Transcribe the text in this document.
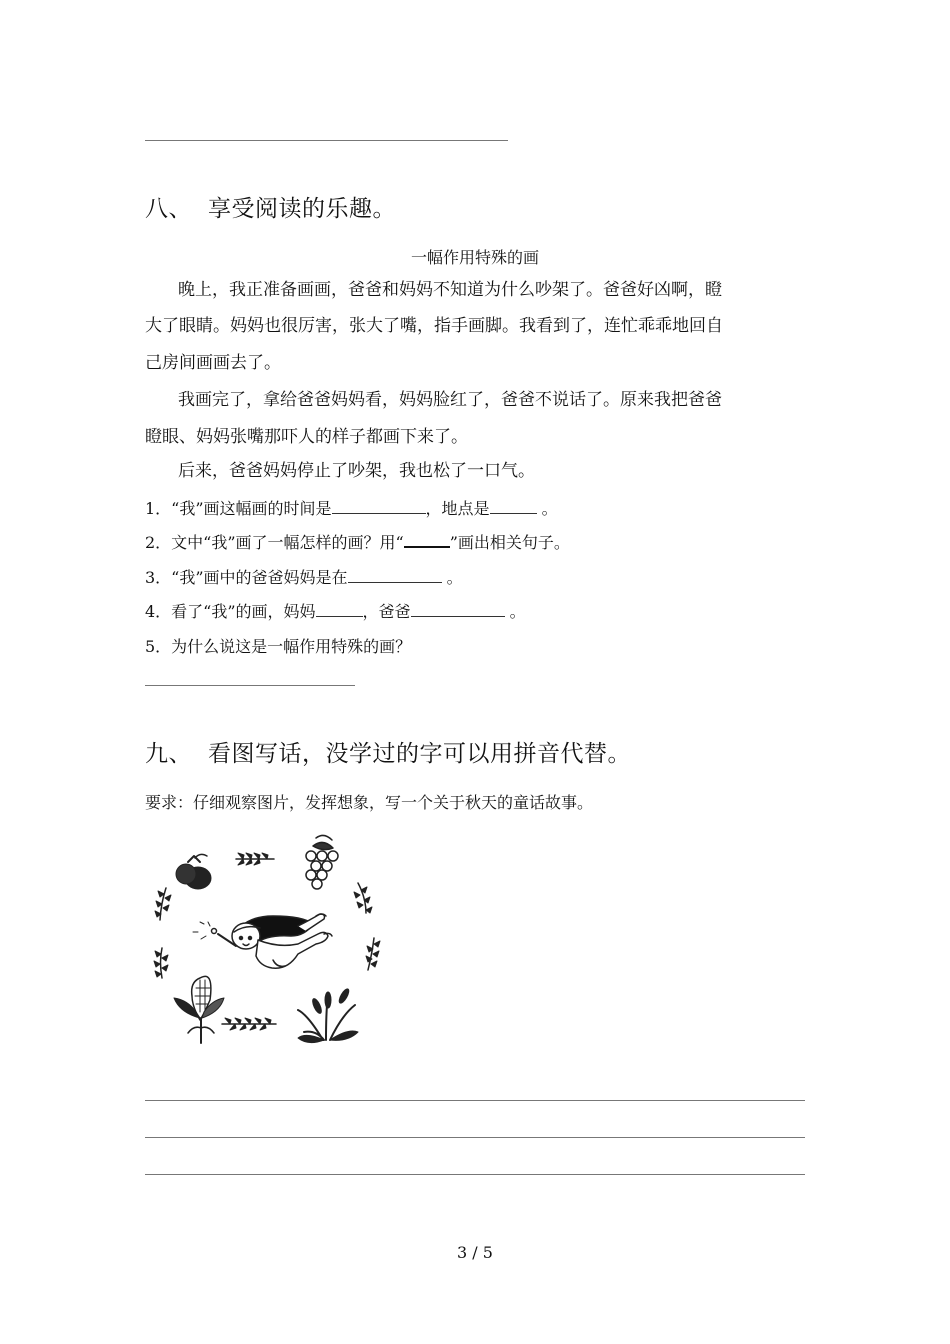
八、 享受阅读的乐趣。
一幅作用特殊的画
晚上，我正准备画画，爸爸和妈妈不知道为什么吵架了。爸爸好凶啊，瞪
大了眼睛。妈妈也很厉害，张大了嘴，指手画脚。我看到了，连忙乖乖地回自
己房间画画去了。
我画完了，拿给爸爸妈妈看，妈妈脸红了，爸爸不说话了。原来我把爸爸
瞪眼、妈妈张嘴那吓人的样子都画下来了。
后来，爸爸妈妈停止了吵架，我也松了一口气。
1．“我”画这幅画的时间是	，地点是	。
2．文中“我”画了一幅怎样的画？用“	”画出相关句子。
3．“我”画中的爸爸妈妈是在	。
4．看了“我”的画，妈妈	，爸爸	。
5．为什么说这是一幅作用特殊的画？
九、 看图写话，没学过的字可以用拼音代替。
要求：仔细观察图片，发挥想象，写一个关于秋天的童话故事。
3 / 5
